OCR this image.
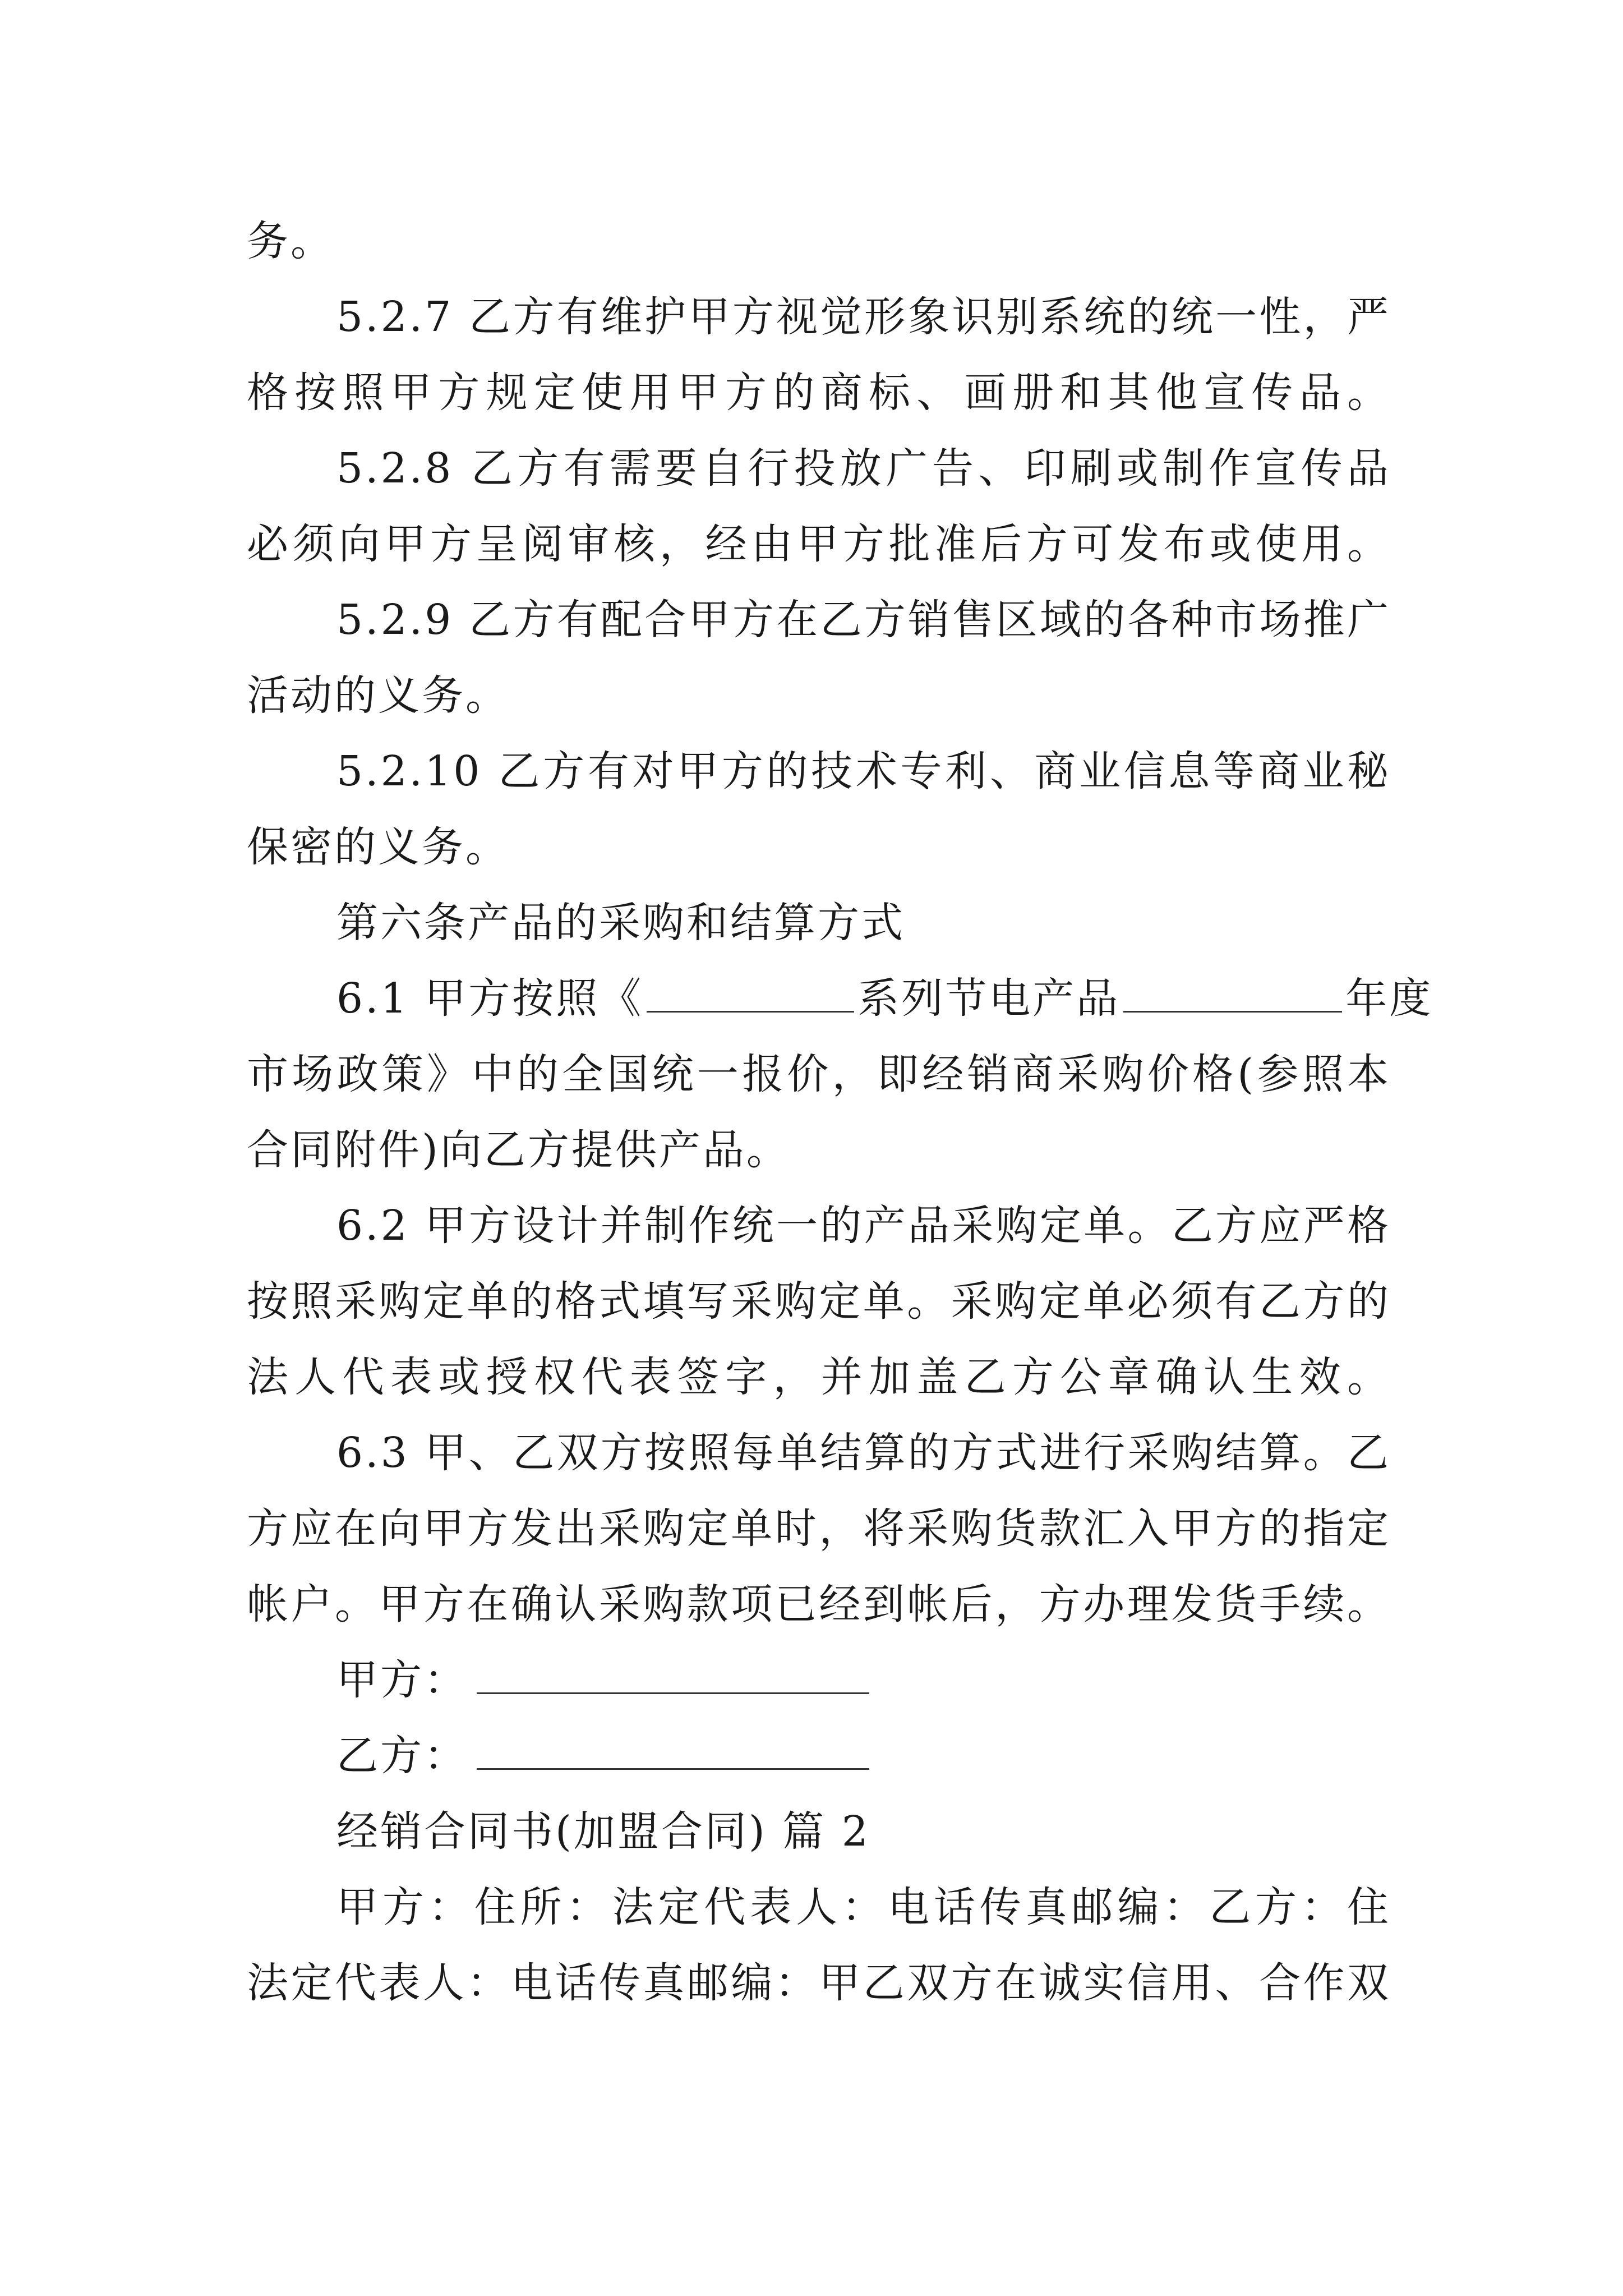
务。
5.2.7 乙方有维护甲方视觉形象识别系统的统一性，严
格按照甲方规定使用甲方的商标、画册和其他宣传品。
5.2.8 乙方有需要自行投放广告、印刷或制作宣传品
必须向甲方呈阅审核，经由甲方批准后方可发布或使用。
5.2.9 乙方有配合甲方在乙方销售区域的各种市场推广
活动的义务。
5.2.10 乙方有对甲方的技术专利、商业信息等商业秘
保密的义务。
第六条产品的采购和结算方式
6.1 甲方按照《	系列节电产品	年度
市场政策》中的全国统一报价，即经销商采购价格(参照本
合同附件)向乙方提供产品。
6.2 甲方设计并制作统一的产品采购定单。乙方应严格
按照采购定单的格式填写采购定单。采购定单必须有乙方的
法人代表或授权代表签字，并加盖乙方公章确认生效。
6.3 甲、乙双方按照每单结算的方式进行采购结算。乙
方应在向甲方发出采购定单时，将采购货款汇入甲方的指定
帐户。甲方在确认采购款项已经到帐后，方办理发货手续。
甲方：
乙方：
经销合同书(加盟合同) 篇 2
甲方：住所：法定代表人：电话传真邮编：乙方：住
法定代表人：电话传真邮编：甲乙双方在诚实信用、合作双
